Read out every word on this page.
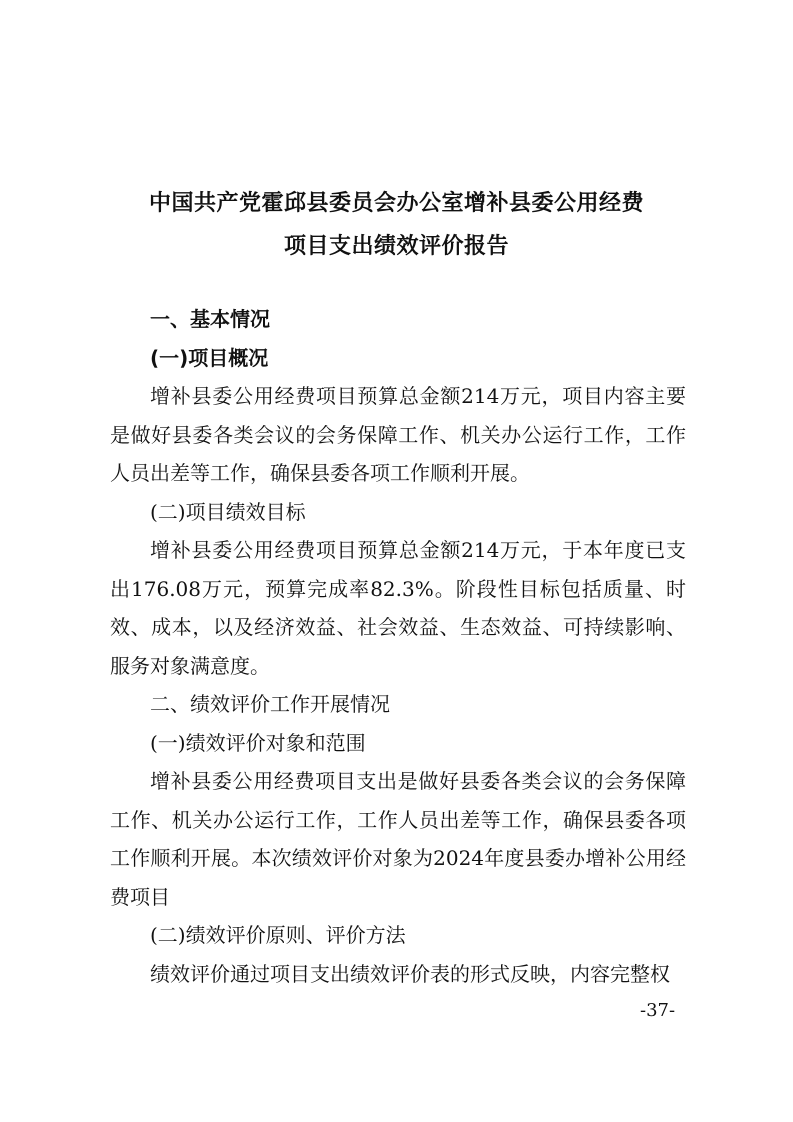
中国共产党霍邱县委员会办公室增补县委公用经费
项目支出绩效评价报告

一、基本情况

(一)项目概况

增补县委公用经费项目预算总金额214万元，项目内容主要是做好县委各类会议的会务保障工作、机关办公运行工作，工作人员出差等工作，确保县委各项工作顺利开展。

(二)项目绩效目标

增补县委公用经费项目预算总金额214万元，于本年度已支出176.08万元，预算完成率82.3%。阶段性目标包括质量、时效、成本，以及经济效益、社会效益、生态效益、可持续影响、服务对象满意度。

二、绩效评价工作开展情况

(一)绩效评价对象和范围

增补县委公用经费项目支出是做好县委各类会议的会务保障工作、机关办公运行工作，工作人员出差等工作，确保县委各项工作顺利开展。本次绩效评价对象为2024年度县委办增补公用经费项目

(二)绩效评价原则、评价方法

绩效评价通过项目支出绩效评价表的形式反映，内容完整权

-37-
